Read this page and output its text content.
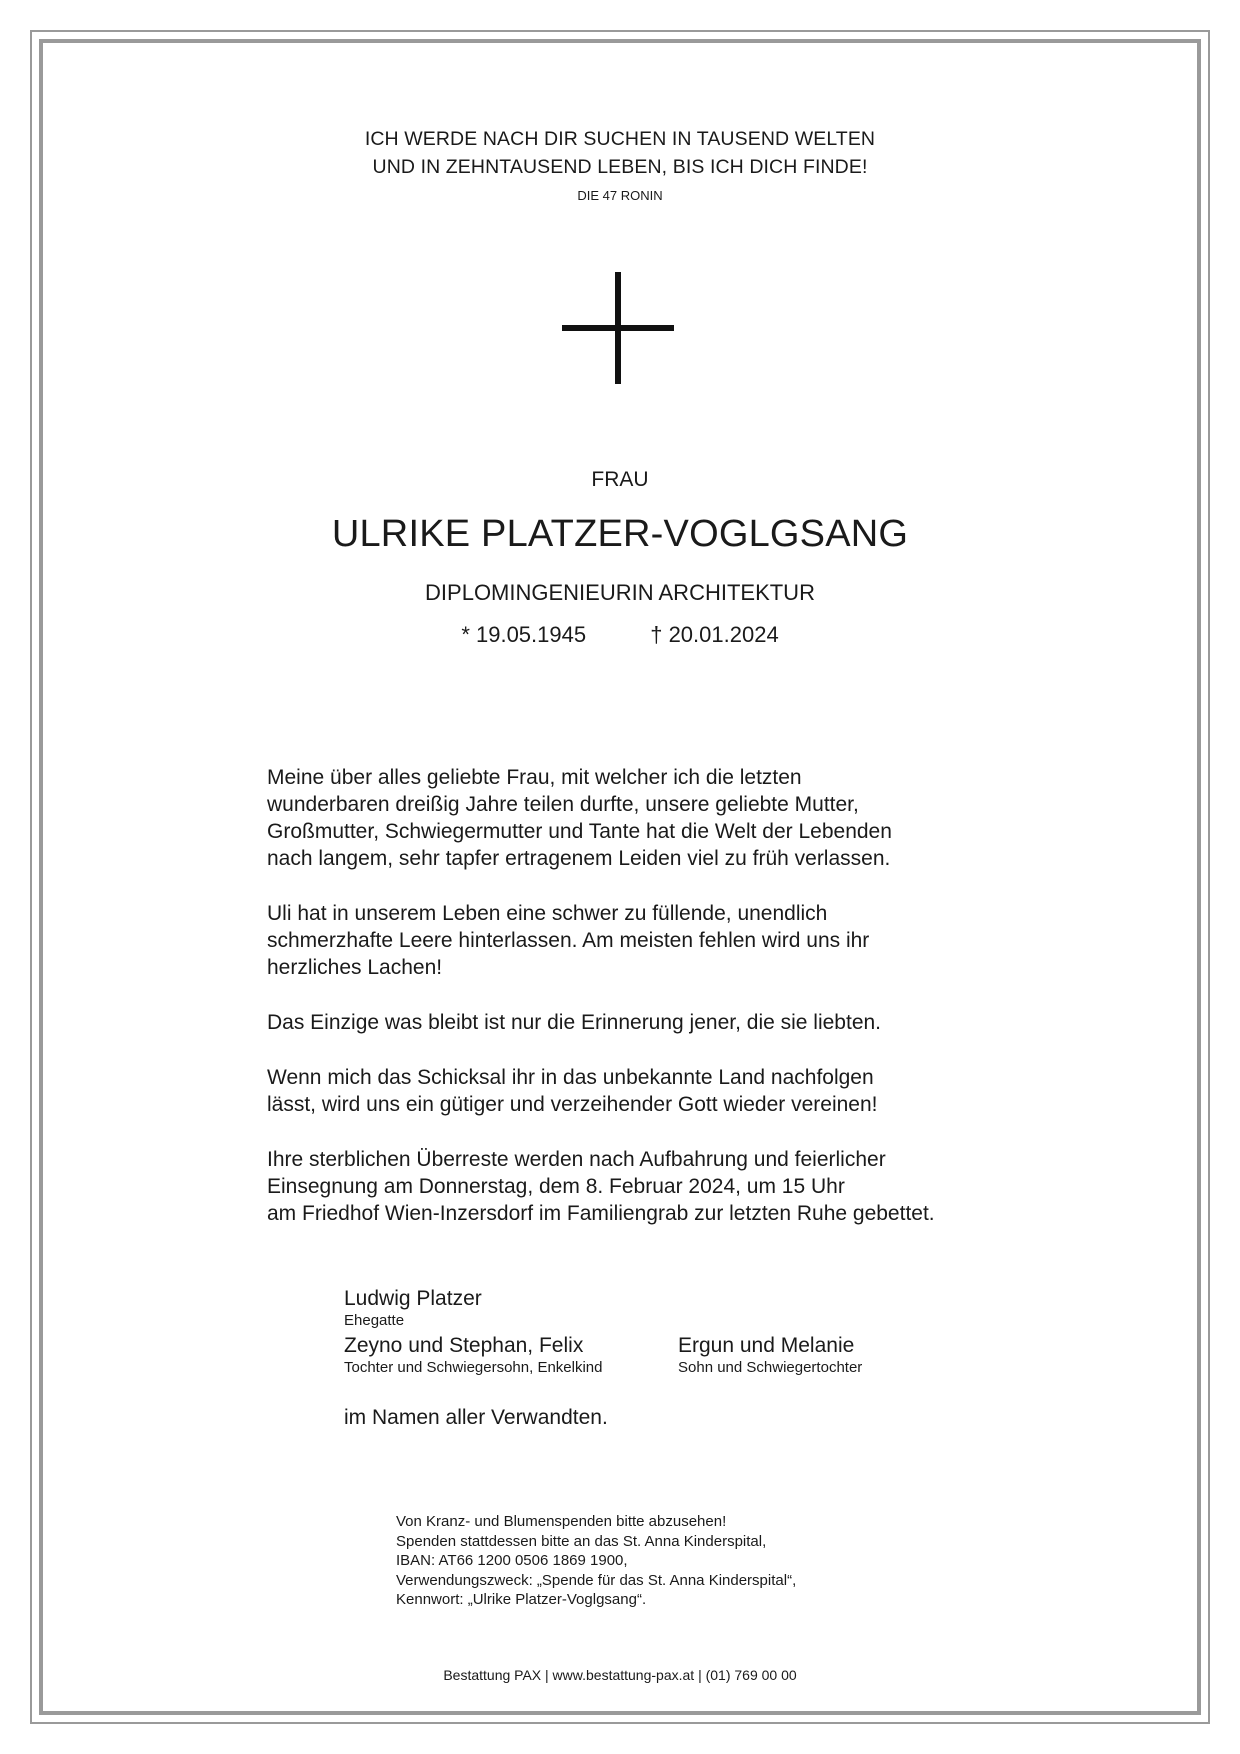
ICH WERDE NACH DIR SUCHEN IN TAUSEND WELTEN
UND IN ZEHNTAUSEND LEBEN, BIS ICH DICH FINDE!
DIE 47 RONIN
FRAU
ULRIKE PLATZER-VOGLGSANG
DIPLOMINGENIEURIN ARCHITEKTUR
* 19.05.1945	† 20.01.2024

Meine über alles geliebte Frau, mit welcher ich die letzten
wunderbaren dreißig Jahre teilen durfte, unsere geliebte Mutter,
Großmutter, Schwiegermutter und Tante hat die Welt der Lebenden
nach langem, sehr tapfer ertragenem Leiden viel zu früh verlassen.

Uli hat in unserem Leben eine schwer zu füllende, unendlich
schmerzhafte Leere hinterlassen. Am meisten fehlen wird uns ihr
herzliches Lachen!

Das Einzige was bleibt ist nur die Erinnerung jener, die sie liebten.

Wenn mich das Schicksal ihr in das unbekannte Land nachfolgen
lässt, wird uns ein gütiger und verzeihender Gott wieder vereinen!

Ihre sterblichen Überreste werden nach Aufbahrung und feierlicher
Einsegnung am Donnerstag, dem 8. Februar 2024, um 15 Uhr
am Friedhof Wien-Inzersdorf im Familiengrab zur letzten Ruhe gebettet.

Ludwig Platzer
Ehegatte
Zeyno und Stephan, Felix
Tochter und Schwiegersohn, Enkelkind
Ergun und Melanie
Sohn und Schwiegertochter
im Namen aller Verwandten.
Von Kranz- und Blumenspenden bitte abzusehen!
Spenden stattdessen bitte an das St. Anna Kinderspital,
IBAN: AT66 1200 0506 1869 1900,
Verwendungszweck: „Spende für das St. Anna Kinderspital“,
Kennwort: „Ulrike Platzer-Voglgsang“.
Bestattung PAX | www.bestattung-pax.at | (01) 769 00 00
